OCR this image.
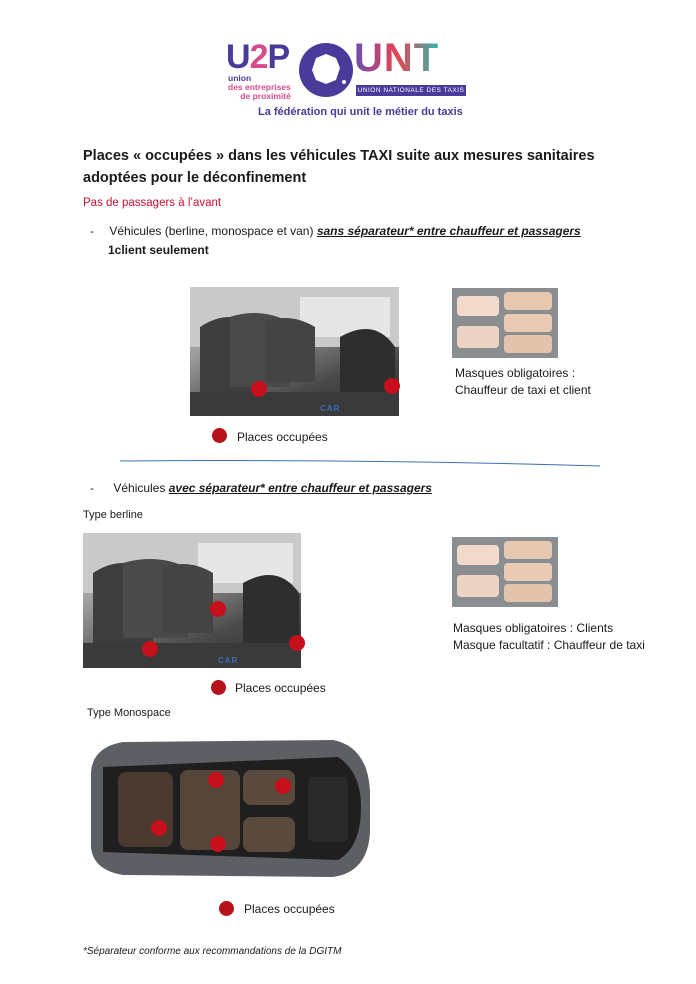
U2P
union
des entreprises
de proximité
UNT
UNION NATIONALE DES TAXIS
La fédération qui unit le métier du taxis
Places « occupées » dans les véhicules TAXI suite aux mesures sanitaires
adoptées pour le déconfinement
Pas de passagers à l’avant
- Véhicules (berline, monospace et van) sans séparateur* entre chauffeur et passagers
1client seulement
CAR
Masques obligatoires :
Chauffeur de taxi et client
Places occupées
- Véhicules avec séparateur* entre chauffeur et passagers
Type berline
CAR
Masques obligatoires : Clients
Masque facultatif : Chauffeur de taxi
Places occupées
Type Monospace
Places occupées
*Séparateur conforme aux recommandations de la DGITM
